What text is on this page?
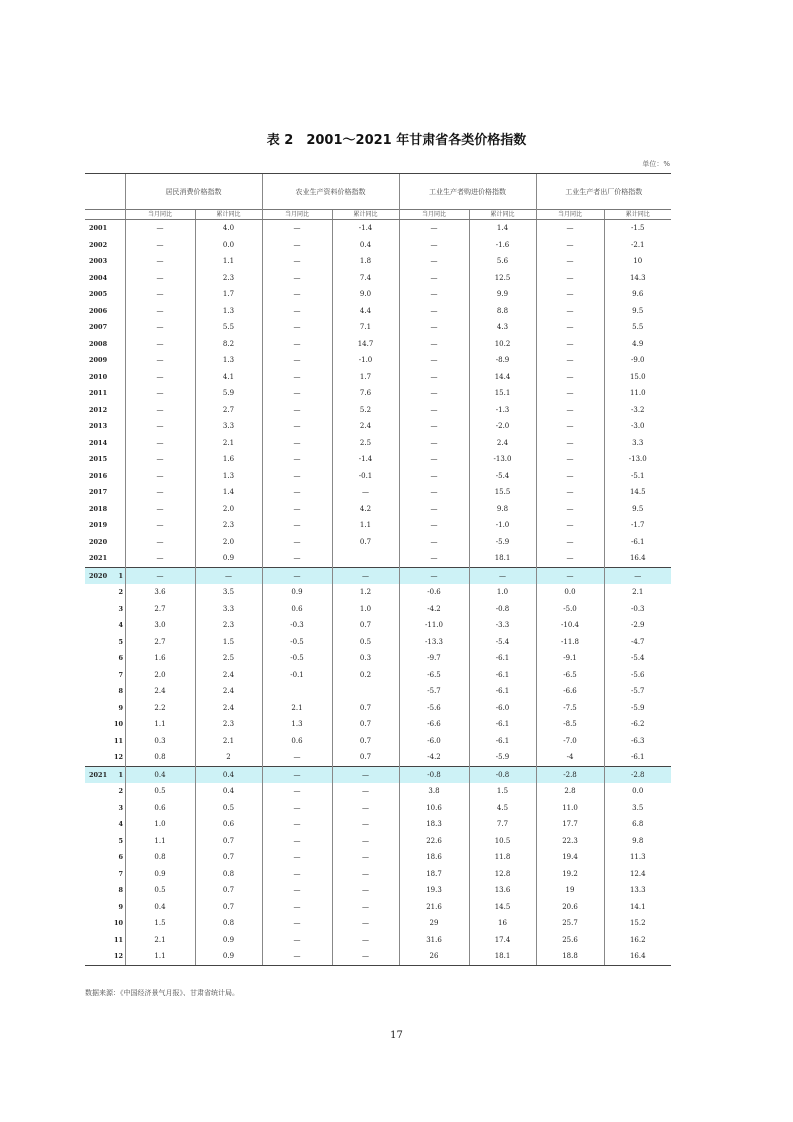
表 2　2001～2021 年甘肃省各类价格指数
单位：%
	居民消费价格指数		农业生产资料价格指数		工业生产者购进价格指数		工业生产者出厂价格指数	
	当月同比	累计同比	当月同比	累计同比	当月同比	累计同比	当月同比	累计同比
2001	—	4.0	—	-1.4	—	1.4	—	-1.5
2002	—	0.0	—	0.4	—	-1.6	—	-2.1
2003	—	1.1	—	1.8	—	5.6	—	10
2004	—	2.3	—	7.4	—	12.5	—	14.3
2005	—	1.7	—	9.0	—	9.9	—	9.6
2006	—	1.3	—	4.4	—	8.8	—	9.5
2007	—	5.5	—	7.1	—	4.3	—	5.5
2008	—	8.2	—	14.7	—	10.2	—	4.9
2009	—	1.3	—	-1.0	—	-8.9	—	-9.0
2010	—	4.1	—	1.7	—	14.4	—	15.0
2011	—	5.9	—	7.6	—	15.1	—	11.0
2012	—	2.7	—	5.2	—	-1.3	—	-3.2
2013	—	3.3	—	2.4	—	-2.0	—	-3.0
2014	—	2.1	—	2.5	—	2.4	—	3.3
2015	—	1.6	—	-1.4	—	-13.0	—	-13.0
2016	—	1.3	—	-0.1	—	-5.4	—	-5.1
2017	—	1.4	—	—	—	15.5	—	14.5
2018	—	2.0	—	4.2	—	9.8	—	9.5
2019	—	2.3	—	1.1	—	-1.0	—	-1.7
2020	—	2.0	—	0.7	—	-5.9	—	-6.1
2021	—	0.9	—		—	18.1	—	16.4
2020 1	—	—	—	—	—	—	—	—
2	3.6	3.5	0.9	1.2	-0.6	1.0	0.0	2.1
3	2.7	3.3	0.6	1.0	-4.2	-0.8	-5.0	-0.3
4	3.0	2.3	-0.3	0.7	-11.0	-3.3	-10.4	-2.9
5	2.7	1.5	-0.5	0.5	-13.3	-5.4	-11.8	-4.7
6	1.6	2.5	-0.5	0.3	-9.7	-6.1	-9.1	-5.4
7	2.0	2.4	-0.1	0.2	-6.5	-6.1	-6.5	-5.6
8	2.4	2.4			-5.7	-6.1	-6.6	-5.7
9	2.2	2.4	2.1	0.7	-5.6	-6.0	-7.5	-5.9
10	1.1	2.3	1.3	0.7	-6.6	-6.1	-8.5	-6.2
11	0.3	2.1	0.6	0.7	-6.0	-6.1	-7.0	-6.3
12	0.8	2	—	0.7	-4.2	-5.9	-4	-6.1
2021 1	0.4	0.4	—	—	-0.8	-0.8	-2.8	-2.8
2	0.5	0.4	—	—	3.8	1.5	2.8	0.0
3	0.6	0.5	—	—	10.6	4.5	11.0	3.5
4	1.0	0.6	—	—	18.3	7.7	17.7	6.8
5	1.1	0.7	—	—	22.6	10.5	22.3	9.8
6	0.8	0.7	—	—	18.6	11.8	19.4	11.3
7	0.9	0.8	—	—	18.7	12.8	19.2	12.4
8	0.5	0.7	—	—	19.3	13.6	19	13.3
9	0.4	0.7	—	—	21.6	14.5	20.6	14.1
10	1.5	0.8	—	—	29	16	25.7	15.2
11	2.1	0.9	—	—	31.6	17.4	25.6	16.2
12	1.1	0.9	—	—	26	18.1	18.8	16.4
数据来源：《中国经济景气月报》、甘肃省统计局。
17
